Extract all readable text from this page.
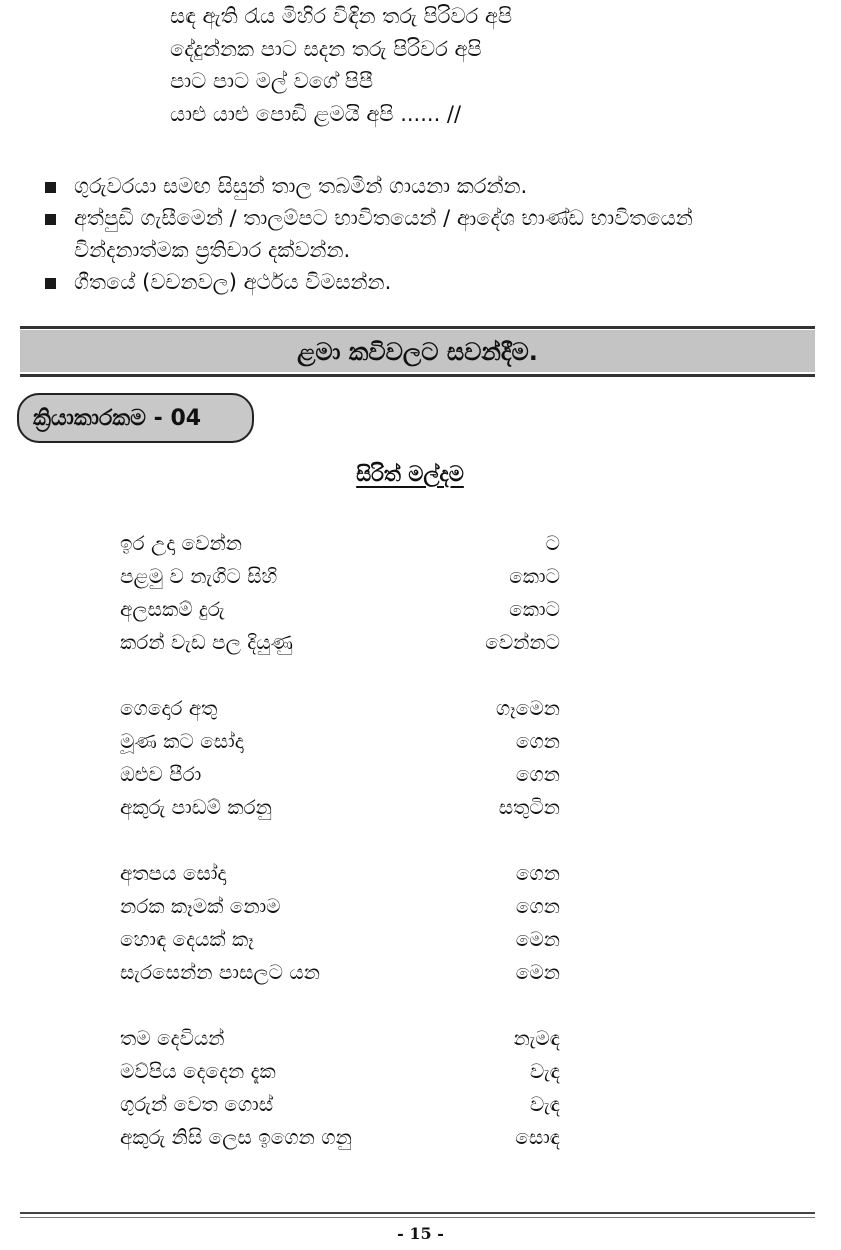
සඳ ඇති රැය මිහිර විඳින තරු පිරිවර අපි
දේදුන්නක පාට සදන තරු පිරිවර අපි
පාට පාට මල් වගේ පිපී
යාළු යාළු පොඩි ළමයි අපි ...... //
ගුරුවරයා සමඟ සිසුන් තාල තබමින් ගායනා කරන්න.
අත්පුඩි ගැසීමෙන් / තාලම්පට භාවිතයෙන් / ආදේශ භාණ්ඩ භාවිතයෙන්
වින්දනාත්මක ප්‍රතිචාර දක්වන්න.
ගීතයේ (වචනවල) අර්ථය විමසන්න.
ළමා කවිවලට සවන්දීම.
ක්‍රියාකාරකම - 04
සිරිත් මල්දම
ඉර උදා වෙන්න	ට
පළමු ව නැගිට සිහි	කොට
අලසකම් දුරු	කොට
කරන් වැඩ පල දියුණු	වෙන්නට
ගෙදොර අතු	ගෑමෙන
මූණ කට සෝදා	ගෙන
ඔළුව පීරා	ගෙන
අකුරු පාඩම් කරනු	සතුටින
අතපය සෝදා	ගෙන
නරක කෑමක් නොම	ගෙන
හොඳ දෙයක් කෑ	මෙන
සැරසෙන්න පාසලට යන	මෙන
තම දෙවියන්	නැමඳ
මව්පිය දෙදෙන දැක	වැඳ
ගුරුන් වෙත ගොස්	වැඳ
අකුරු නිසි ලෙස ඉගෙන ගනු	සොඳ
- 15 -
